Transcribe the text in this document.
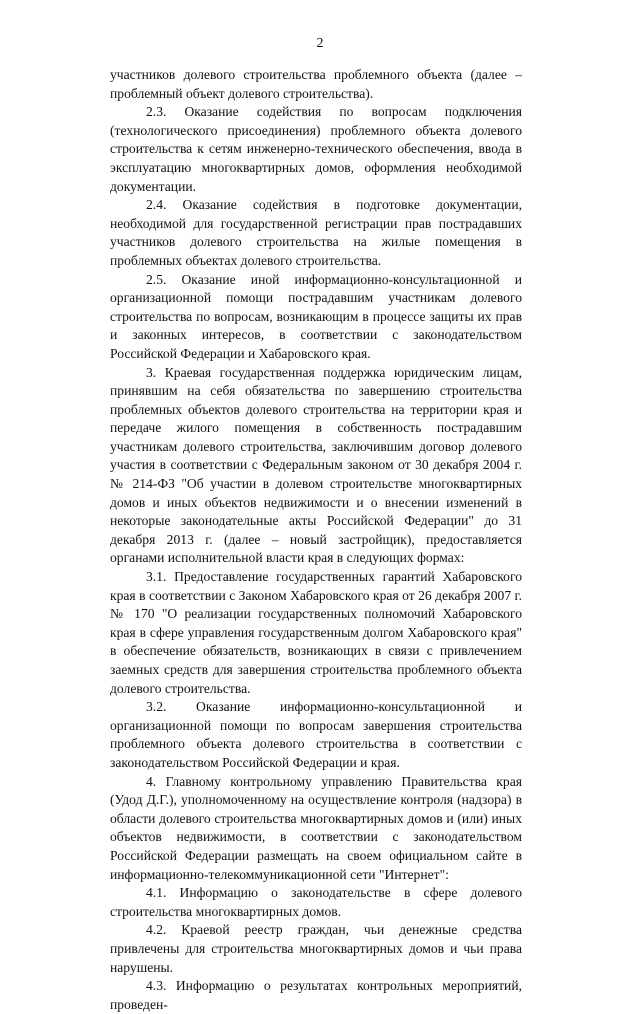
2

участников долевого строительства проблемного объекта (далее – проблемный объект долевого строительства).

2.3. Оказание содействия по вопросам подключения (технологического присоединения) проблемного объекта долевого строительства к сетям инженерно-технического обеспечения, ввода в эксплуатацию многоквартирных домов, оформления необходимой документации.

2.4. Оказание содействия в подготовке документации, необходимой для государственной регистрации прав пострадавших участников долевого строительства на жилые помещения в проблемных объектах долевого строительства.

2.5. Оказание иной информационно-консультационной и организационной помощи пострадавшим участникам долевого строительства по вопросам, возникающим в процессе защиты их прав и законных интересов, в соответствии с законодательством Российской Федерации и Хабаровского края.

3. Краевая государственная поддержка юридическим лицам, принявшим на себя обязательства по завершению строительства проблемных объектов долевого строительства на территории края и передаче жилого помещения в собственность пострадавшим участникам долевого строительства, заключившим договор долевого участия в соответствии с Федеральным законом от 30 декабря 2004 г. № 214-ФЗ "Об участии в долевом строительстве многоквартирных домов и иных объектов недвижимости и о внесении изменений в некоторые законодательные акты Российской Федерации" до 31 декабря 2013 г. (далее – новый застройщик), предоставляется органами исполнительной власти края в следующих формах:

3.1. Предоставление государственных гарантий Хабаровского края в соответствии с Законом Хабаровского края от 26 декабря 2007 г. № 170 "О реализации государственных полномочий Хабаровского края в сфере управления государственным долгом Хабаровского края" в обеспечение обязательств, возникающих в связи с привлечением заемных средств для завершения строительства проблемного объекта долевого строительства.

3.2. Оказание информационно-консультационной и организационной помощи по вопросам завершения строительства проблемного объекта долевого строительства в соответствии с законодательством Российской Федерации и края.

4. Главному контрольному управлению Правительства края (Удод Д.Г.), уполномоченному на осуществление контроля (надзора) в области долевого строительства многоквартирных домов и (или) иных объектов недвижимости, в соответствии с законодательством Российской Федерации размещать на своем официальном сайте в информационно-телекоммуникационной сети "Интернет":

4.1. Информацию о законодательстве в сфере долевого строительства многоквартирных домов.

4.2. Краевой реестр граждан, чьи денежные средства привлечены для строительства многоквартирных домов и чьи права нарушены.

4.3. Информацию о результатах контрольных мероприятий, проведен-
